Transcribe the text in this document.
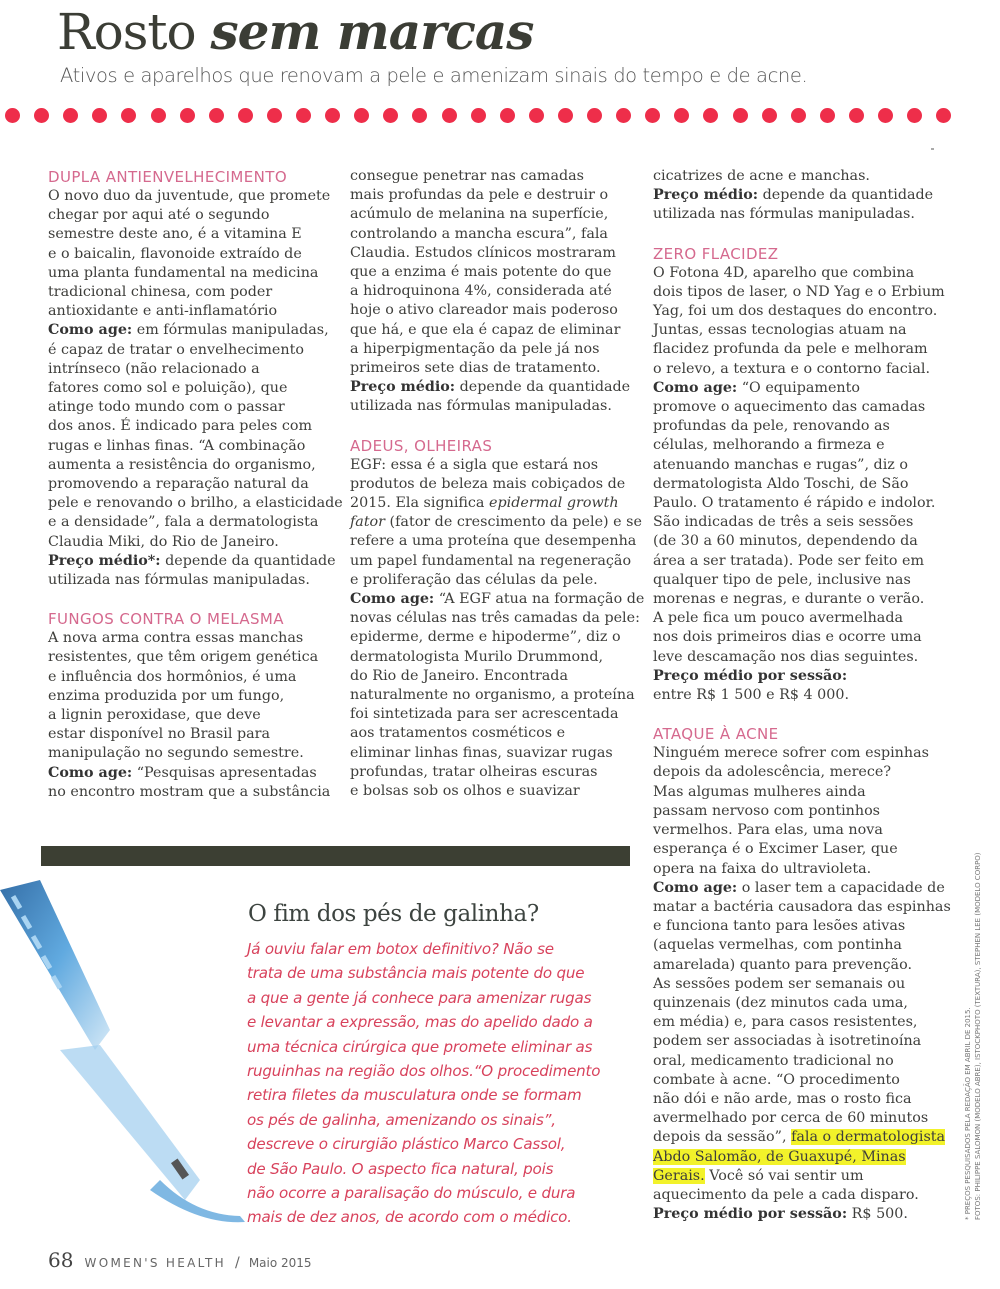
Rosto sem marcas
Ativos e aparelhos que renovam a pele e amenizam sinais do tempo e de acne.
DUPLA ANTIENVELHECIMENTO

O novo duo da juventude, que promete

chegar por aqui até o segundo

semestre deste ano, é a vitamina E

e o baicalin, flavonoide extraído de

uma planta fundamental na medicina

tradicional chinesa, com poder

antioxidante e anti-inflamatório

Como age: em fórmulas manipuladas,

é capaz de tratar o envelhecimento

intrínseco (não relacionado a

fatores como sol e poluição), que

atinge todo mundo com o passar

dos anos. É indicado para peles com

rugas e linhas finas. “A combinação

aumenta a resistência do organismo,

promovendo a reparação natural da

pele e renovando o brilho, a elasticidade

e a densidade”, fala a dermatologista

Claudia Miki, do Rio de Janeiro.

Preço médio*: depende da quantidade

utilizada nas fórmulas manipuladas.

FUNGOS CONTRA O MELASMA

A nova arma contra essas manchas

resistentes, que têm origem genética

e influência dos hormônios, é uma

enzima produzida por um fungo,

a lignin peroxidase, que deve

estar disponível no Brasil para

manipulação no segundo semestre.

Como age: “Pesquisas apresentadas

no encontro mostram que a substância

consegue penetrar nas camadas

mais profundas da pele e destruir o

acúmulo de melanina na superfície,

controlando a mancha escura”, fala

Claudia. Estudos clínicos mostraram

que a enzima é mais potente do que

a hidroquinona 4%, considerada até

hoje o ativo clareador mais poderoso

que há, e que ela é capaz de eliminar

a hiperpigmentação da pele já nos

primeiros sete dias de tratamento.

Preço médio: depende da quantidade

utilizada nas fórmulas manipuladas.

ADEUS, OLHEIRAS

EGF: essa é a sigla que estará nos

produtos de beleza mais cobiçados de

2015. Ela significa epidermal growth

fator (fator de crescimento da pele) e se

refere a uma proteína que desempenha

um papel fundamental na regeneração

e proliferação das células da pele.

Como age: “A EGF atua na formação de

novas células nas três camadas da pele:

epiderme, derme e hipoderme”, diz o

dermatologista Murilo Drummond,

do Rio de Janeiro. Encontrada

naturalmente no organismo, a proteína

foi sintetizada para ser acrescentada

aos tratamentos cosméticos e

eliminar linhas finas, suavizar rugas

profundas, tratar olheiras escuras

e bolsas sob os olhos e suavizar

cicatrizes de acne e manchas.

Preço médio: depende da quantidade

utilizada nas fórmulas manipuladas.

ZERO FLACIDEZ

O Fotona 4D, aparelho que combina

dois tipos de laser, o ND Yag e o Erbium

Yag, foi um dos destaques do encontro.

Juntas, essas tecnologias atuam na

flacidez profunda da pele e melhoram

o relevo, a textura e o contorno facial.

Como age: “O equipamento

promove o aquecimento das camadas

profundas da pele, renovando as

células, melhorando a firmeza e

atenuando manchas e rugas”, diz o

dermatologista Aldo Toschi, de São

Paulo. O tratamento é rápido e indolor.

São indicadas de três a seis sessões

(de 30 a 60 minutos, dependendo da

área a ser tratada). Pode ser feito em

qualquer tipo de pele, inclusive nas

morenas e negras, e durante o verão.

A pele fica um pouco avermelhada

nos dois primeiros dias e ocorre uma

leve descamação nos dias seguintes.

Preço médio por sessão:

entre R$ 1 500 e R$ 4 000.

ATAQUE À ACNE

Ninguém merece sofrer com espinhas

depois da adolescência, merece?

Mas algumas mulheres ainda

passam nervoso com pontinhos

vermelhos. Para elas, uma nova

esperança é o Excimer Laser, que

opera na faixa do ultravioleta.

Como age: o laser tem a capacidade de

matar a bactéria causadora das espinhas

e funciona tanto para lesões ativas

(aquelas vermelhas, com pontinha

amarelada) quanto para prevenção.

As sessões podem ser semanais ou

quinzenais (dez minutos cada uma,

em média) e, para casos resistentes,

podem ser associadas à isotretinoína

oral, medicamento tradicional no

combate à acne. “O procedimento

não dói e não arde, mas o rosto fica

avermelhado por cerca de 60 minutos

depois da sessão”, fala o dermatologista

Abdo Salomão, de Guaxupé, Minas

Gerais. Você só vai sentir um

aquecimento da pele a cada disparo.

Preço médio por sessão: R$ 500.

O fim dos pés de galinha?

Já ouviu falar em botox definitivo? Não se

trata de uma substância mais potente do que

a que a gente já conhece para amenizar rugas

e levantar a expressão, mas do apelido dado a

uma técnica cirúrgica que promete eliminar as

ruguinhas na região dos olhos.“O procedimento

retira filetes da musculatura onde se formam

os pés de galinha, amenizando os sinais”,

descreve o cirurgião plástico Marco Cassol,

de São Paulo. O aspecto fica natural, pois

não ocorre a paralisação do músculo, e dura

mais de dez anos, de acordo com o médico.

68 WOMEN'S HEALTH / Maio 2015
* PREÇOS PESQUISADOS PELA REDAÇÃO EM ABRIL DE 2015. FOTOS: PHILIPPE SALOMON (MODELO ABRE), ISTOCKPHOTO (TEXTURA), STEPHEN LEE (MODELO CORPO)
